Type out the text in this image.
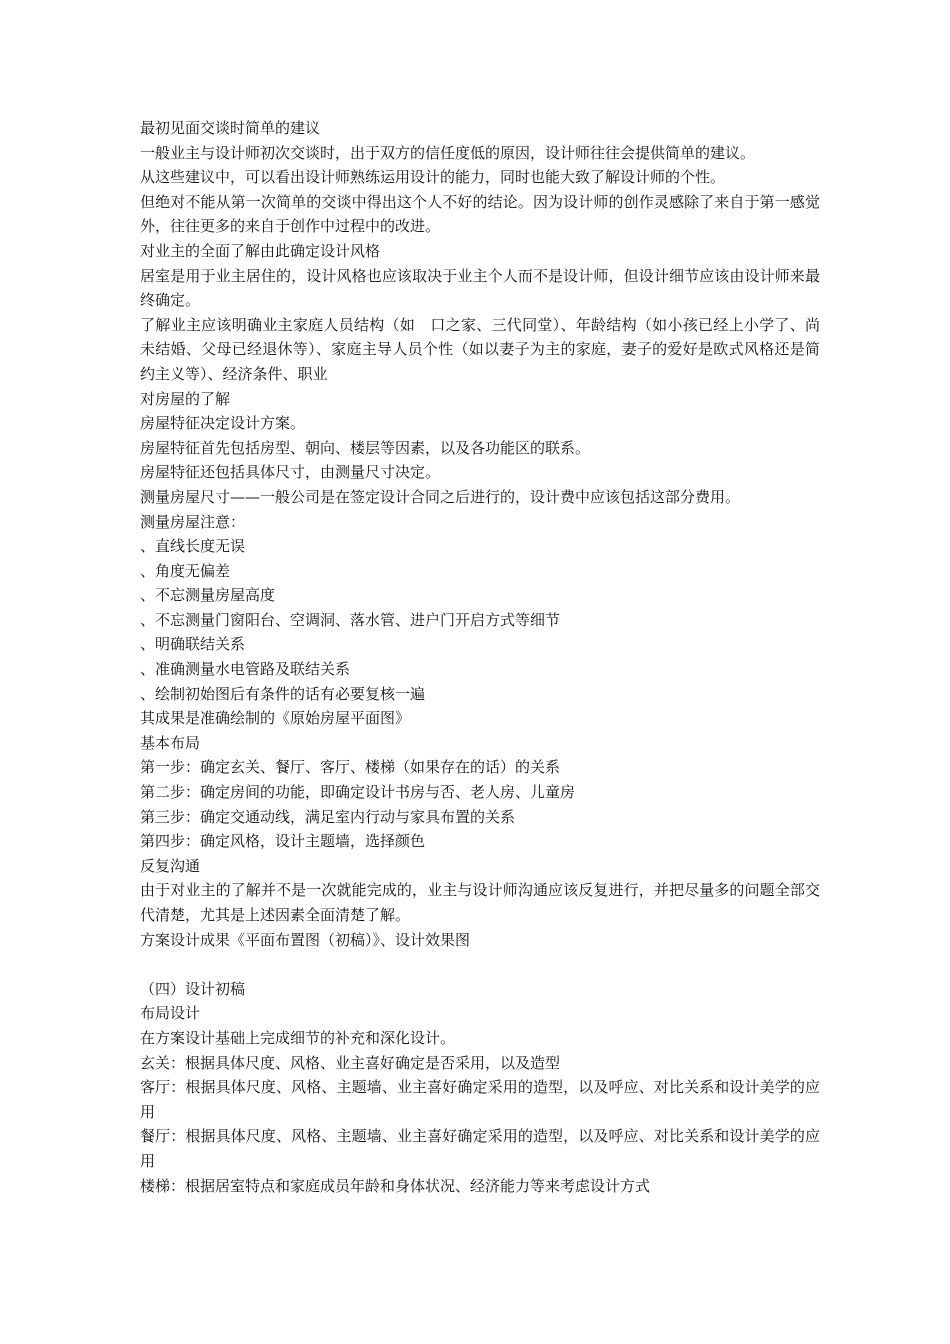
最初见面交谈时简单的建议
一般业主与设计师初次交谈时，出于双方的信任度低的原因，设计师往往会提供简单的建议。
从这些建议中，可以看出设计师熟练运用设计的能力，同时也能大致了解设计师的个性。
但绝对不能从第一次简单的交谈中得出这个人不好的结论。因为设计师的创作灵感除了来自于第一感觉外，往往更多的来自于创作中过程中的改进。
对业主的全面了解由此确定设计风格
居室是用于业主居住的，设计风格也应该取决于业主个人而不是设计师，但设计细节应该由设计师来最终确定。
了解业主应该明确业主家庭人员结构（如　口之家、三代同堂）、年龄结构（如小孩已经上小学了、尚未结婚、父母已经退休等）、家庭主导人员个性（如以妻子为主的家庭，妻子的爱好是欧式风格还是简约主义等）、经济条件、职业
对房屋的了解
房屋特征决定设计方案。
房屋特征首先包括房型、朝向、楼层等因素，以及各功能区的联系。
房屋特征还包括具体尺寸，由测量尺寸决定。
测量房屋尺寸——一般公司是在签定设计合同之后进行的，设计费中应该包括这部分费用。
测量房屋注意：
、直线长度无误
、角度无偏差
、不忘测量房屋高度
、不忘测量门窗阳台、空调洞、落水管、进户门开启方式等细节
、明确联结关系
、准确测量水电管路及联结关系
、绘制初始图后有条件的话有必要复核一遍
其成果是准确绘制的《原始房屋平面图》
基本布局
第一步：确定玄关、餐厅、客厅、楼梯（如果存在的话）的关系
第二步：确定房间的功能，即确定设计书房与否、老人房、儿童房
第三步：确定交通动线，满足室内行动与家具布置的关系
第四步：确定风格，设计主题墙，选择颜色
反复沟通
由于对业主的了解并不是一次就能完成的，业主与设计师沟通应该反复进行，并把尽量多的问题全部交代清楚，尤其是上述因素全面清楚了解。
方案设计成果《平面布置图（初稿）》、设计效果图
（四）设计初稿
布局设计
在方案设计基础上完成细节的补充和深化设计。
玄关：根据具体尺度、风格、业主喜好确定是否采用，以及造型
客厅：根据具体尺度、风格、主题墙、业主喜好确定采用的造型，以及呼应、对比关系和设计美学的应用
餐厅：根据具体尺度、风格、主题墙、业主喜好确定采用的造型，以及呼应、对比关系和设计美学的应用
楼梯：根据居室特点和家庭成员年龄和身体状况、经济能力等来考虑设计方式
